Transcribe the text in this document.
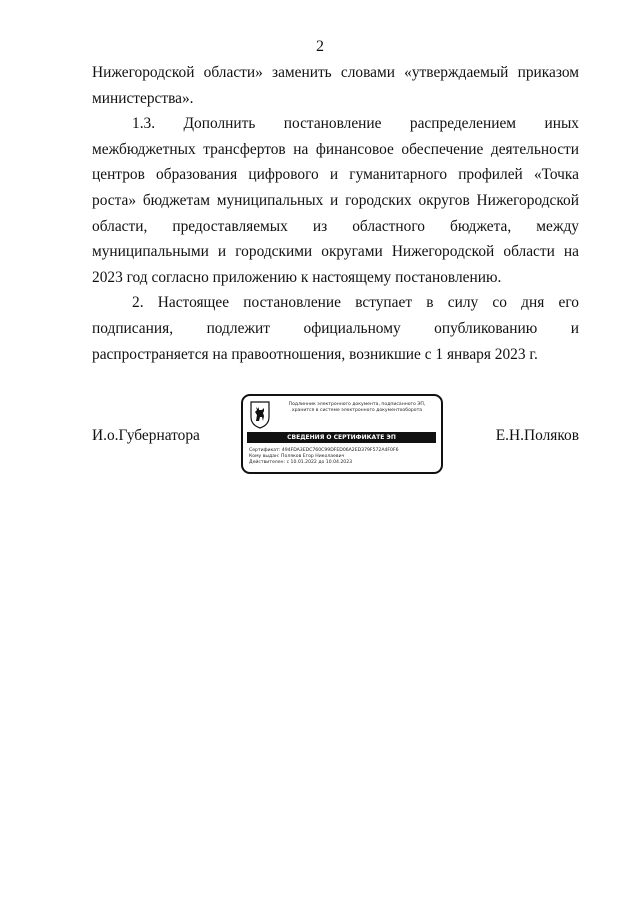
2

Нижегородской области» заменить словами «утверждаемый приказом министерства».

1.3. Дополнить постановление распределением иных межбюджетных трансфертов на финансовое обеспечение деятельности центров образования цифрового и гуманитарного профилей «Точка роста» бюджетам муниципальных и городских округов Нижегородской области, предоставляемых из областного бюджета, между муниципальными и городскими округами Нижегородской области на 2023 год согласно приложению к настоящему постановлению.

2. Настоящее постановление вступает в силу со дня его подписания, подлежит официальному опубликованию и распространяется на правоотношения, возникшие с 1 января 2023 г.

И.о.Губернатора
Подлинник электронного документа, подписанного ЭП,
хранится в системе электронного документооборота
СВЕДЕНИЯ О СЕРТИФИКАТЕ ЭП
Сертификат: 494FDA3EDC760C99DFED06A2ED379F572A4F0F6
Кому выдан: Поляков Егор Николаевич
Действителен: с 10.01.2022 до 10.04.2023
Е.Н.Поляков
